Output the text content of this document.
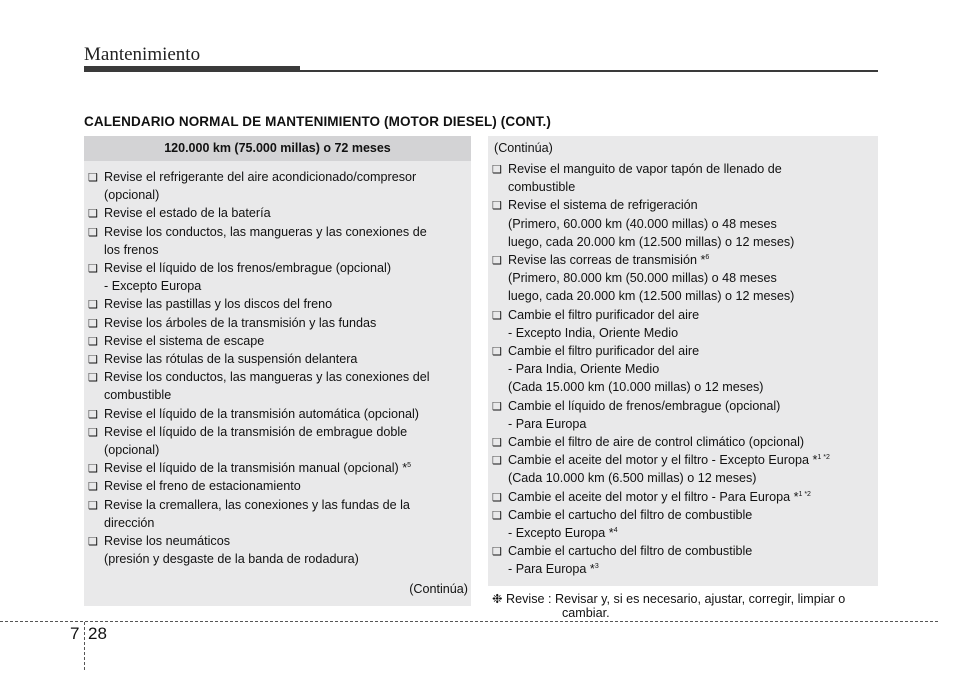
Mantenimiento
CALENDARIO NORMAL DE MANTENIMIENTO (MOTOR DIESEL) (CONT.)
120.000 km (75.000 millas) o 72 meses
❑
Revise el refrigerante del aire acondicionado/compresor
(opcional)
❑
Revise el estado de la batería
❑
Revise los conductos, las mangueras y las conexiones de
los frenos
❑
Revise el líquido de los frenos/embrague (opcional)
- Excepto Europa
❑
Revise las pastillas y los discos del freno
❑
Revise los árboles de la transmisión y las fundas
❑
Revise el sistema de escape
❑
Revise las rótulas de la suspensión delantera
❑
Revise los conductos, las mangueras y las conexiones del
combustible
❑
Revise el líquido de la transmisión automática (opcional)
❑
Revise el líquido de la transmisión de embrague doble
(opcional)
❑
Revise el líquido de la transmisión manual (opcional) *$^5$
❑
Revise el freno de estacionamiento
❑
Revise la cremallera, las conexiones y las fundas de la
dirección
❑
Revise los neumáticos
(presión y desgaste de la banda de rodadura)
(Continúa)
(Continúa)
❑
Revise el manguito de vapor tapón de llenado de
combustible
❑
Revise el sistema de refrigeración
(Primero, 60.000 km (40.000 millas) o 48 meses
luego, cada 20.000 km (12.500 millas) o 12 meses)
❑
Revise las correas de transmisión *$^6$
(Primero, 80.000 km (50.000 millas) o 48 meses
luego, cada 20.000 km (12.500 millas) o 12 meses)
❑
Cambie el filtro purificador del aire
- Excepto India, Oriente Medio
❑
Cambie el filtro purificador del aire
- Para India, Oriente Medio
(Cada 15.000 km (10.000 millas) o 12 meses)
❑
Cambie el líquido de frenos/embrague (opcional)
- Para Europa
❑
Cambie el filtro de aire de control climático (opcional)
❑
Cambie el aceite del motor y el filtro - Excepto Europa *$^{1 *2}$
(Cada 10.000 km (6.500 millas) o 12 meses)
❑
Cambie el aceite del motor y el filtro - Para Europa *$^{1 *2}$
❑
Cambie el cartucho del filtro de combustible
- Excepto Europa *$^4$
❑
Cambie el cartucho del filtro de combustible
- Para Europa *$^3$
❉ Revise : Revisar y, si es necesario, ajustar, corregir, limpiar o
cambiar.
7 28
